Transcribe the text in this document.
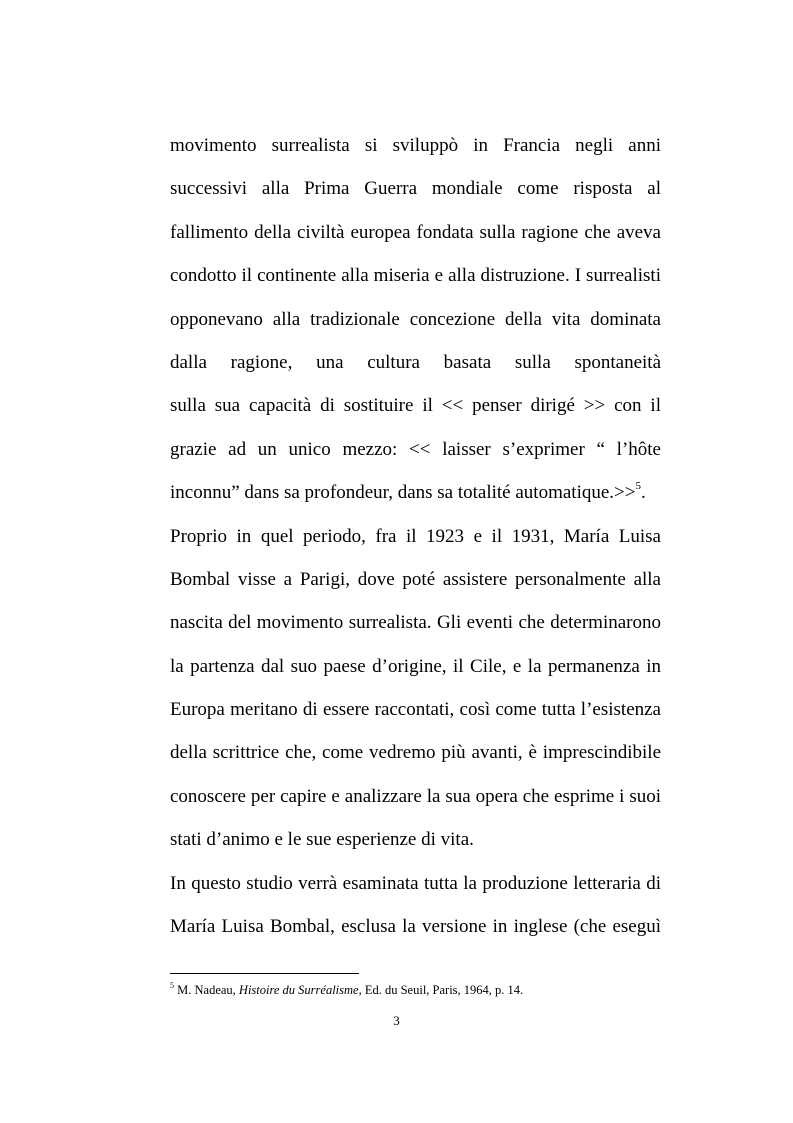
movimento surrealista si sviluppò in Francia negli anni
successivi alla Prima Guerra mondiale come risposta al
fallimento della civiltà europea fondata sulla ragione che aveva
condotto il continente alla miseria e alla distruzione. I surrealisti
opponevano alla tradizionale concezione della vita dominata
dalla ragione, una cultura basata sulla spontaneità
sulla sua capacità di sostituire il << penser dirigé >> con il
grazie ad un unico mezzo: << laisser s’exprimer “ l’hôte
inconnu” dans sa profondeur, dans sa totalité automatique.>>$^5$.
Proprio in quel periodo, fra il 1923 e il 1931, María Luisa
Bombal visse a Parigi, dove poté assistere personalmente alla
nascita del movimento surrealista. Gli eventi che determinarono
la partenza dal suo paese d’origine, il Cile, e la permanenza in
Europa meritano di essere raccontati, così come tutta l’esistenza
della scrittrice che, come vedremo più avanti, è imprescindibile
conoscere per capire e analizzare la sua opera che esprime i suoi
stati d’animo e le sue esperienze di vita.
In questo studio verrà esaminata tutta la produzione letteraria di
María Luisa Bombal, esclusa la versione in inglese (che eseguì
$^5$ M. Nadeau, Histoire du Surréalisme, Ed. du Seuil, Paris, 1964, p. 14.
3
